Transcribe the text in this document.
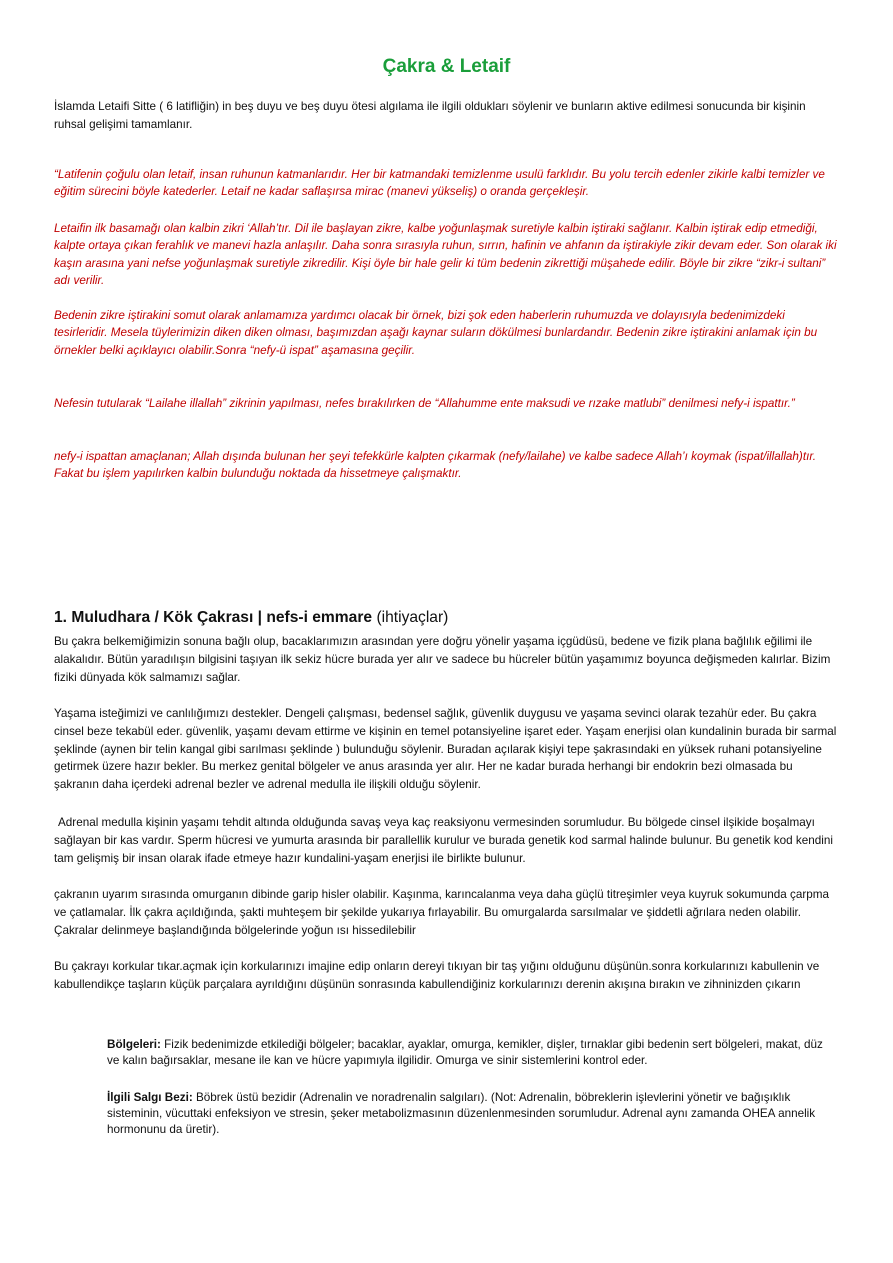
Çakra & Letaif

İslamda Letaifi Sitte ( 6 latifliğin) in beş duyu ve beş duyu ötesi algılama ile ilgili oldukları söylenir ve bunların aktive edilmesi sonucunda bir kişinin ruhsal gelişimi tamamlanır.

“Latifenin çoğulu olan letaif, insan ruhunun katmanlarıdır. Her bir katmandaki temizlenme usulü farklıdır. Bu yolu tercih edenler zikirle kalbi temizler ve eğitim sürecini böyle katederler. Letaif ne kadar saflaşırsa mirac (manevi yükseliş) o oranda gerçekleşir.

Letaifin ilk basamağı olan kalbin zikri ‘Allah’tır. Dil ile başlayan zikre, kalbe yoğunlaşmak suretiyle kalbin iştiraki sağlanır. Kalbin iştirak edip etmediği, kalpte ortaya çıkan ferahlık ve manevi hazla anlaşılır. Daha sonra sırasıyla ruhun, sırrın, hafinin ve ahfanın da iştirakiyle zikir devam eder. Son olarak iki kaşın arasına yani nefse yoğunlaşmak suretiyle zikredilir. Kişi öyle bir hale gelir ki tüm bedenin zikrettiği müşahede edilir. Böyle bir zikre “zikr-i sultani” adı verilir.

Bedenin zikre iştirakini somut olarak anlamamıza yardımcı olacak bir örnek, bizi şok eden haberlerin ruhumuzda ve dolayısıyla bedenimizdeki tesirleridir. Mesela tüylerimizin diken diken olması, başımızdan aşağı kaynar suların dökülmesi bunlardandır. Bedenin zikre iştirakini anlamak için bu örnekler belki açıklayıcı olabilir.Sonra “nefy-ü ispat” aşamasına geçilir.

Nefesin tutularak “Lailahe illallah” zikrinin yapılması, nefes bırakılırken de “Allahumme ente maksudi ve rızake matlubi” denilmesi nefy-i ispattır.”

nefy-i ispattan amaçlanan; Allah dışında bulunan her şeyi tefekkürle kalpten çıkarmak (nefy/lailahe) ve kalbe sadece Allah’ı koymak (ispat/illallah)tır. Fakat bu işlem yapılırken kalbin bulunduğu noktada da hissetmeye çalışmaktır.

1. Muludhara / Kök Çakrası | nefs-i emmare (ihtiyaçlar)

Bu çakra belkemiğimizin sonuna bağlı olup, bacaklarımızın arasından yere doğru yönelir yaşama içgüdüsü, bedene ve fizik plana bağlılık eğilimi ile alakalıdır. Bütün yaradılışın bilgisini taşıyan ilk sekiz hücre burada yer alır ve sadece bu hücreler bütün yaşamımız boyunca değişmeden kalırlar. Bizim fiziki dünyada kök salmamızı sağlar.

Yaşama isteğimizi ve canlılığımızı destekler. Dengeli çalışması, bedensel sağlık, güvenlik duygusu ve yaşama sevinci olarak tezahür eder. Bu çakra cinsel beze tekabül eder. güvenlik, yaşamı devam ettirme ve kişinin en temel potansiyeline işaret eder. Yaşam enerjisi olan kundalinin burada bir sarmal şeklinde (aynen bir telin kangal gibi sarılması şeklinde ) bulunduğu söylenir. Buradan açılarak kişiyi tepe şakrasındaki en yüksek ruhani potansiyeline getirmek üzere hazır bekler. Bu merkez genital bölgeler ve anus arasında yer alır. Her ne kadar burada herhangi bir endokrin bezi olmasada bu şakranın daha içerdeki adrenal bezler ve adrenal medulla ile ilişkili olduğu söylenir.

Adrenal medulla kişinin yaşamı tehdit altında olduğunda savaş veya kaç reaksiyonu vermesinden sorumludur. Bu bölgede cinsel ilşikide boşalmayı sağlayan bir kas vardır. Sperm hücresi ve yumurta arasında bir parallellik kurulur ve burada genetik kod sarmal halinde bulunur. Bu genetik kod kendini tam gelişmiş bir insan olarak ifade etmeye hazır kundalini-yaşam enerjisi ile birlikte bulunur.

çakranın uyarım sırasında omurganın dibinde garip hisler olabilir. Kaşınma, karıncalanma veya daha güçlü titreşimler veya kuyruk sokumunda çarpma ve çatlamalar. İlk çakra açıldığında, şakti muhteşem bir şekilde yukarıya fırlayabilir. Bu omurgalarda sarsılmalar ve şiddetli ağrılara neden olabilir. Çakralar delinmeye başlandığında bölgelerinde yoğun ısı hissedilebilir

Bu çakrayı korkular tıkar.açmak için korkularınızı imajine edip onların dereyi tıkıyan bir taş yığını olduğunu düşünün.sonra korkularınızı kabullenin ve kabullendikçe taşların küçük parçalara ayrıldığını düşünün sonrasında kabullendiğiniz korkularınızı derenin akışına bırakın ve zihninizden çıkarın

Bölgeleri: Fizik bedenimizde etkilediği bölgeler; bacaklar, ayaklar, omurga, kemikler, dişler, tırnaklar gibi bedenin sert bölgeleri, makat, düz ve kalın bağırsaklar, mesane ile kan ve hücre yapımıyla ilgilidir. Omurga ve sinir sistemlerini kontrol eder.

İlgili Salgı Bezi: Böbrek üstü bezidir (Adrenalin ve noradrenalin salgıları). (Not: Adrenalin, böbreklerin işlevlerini yönetir ve bağışıklık sisteminin, vücuttaki enfeksiyon ve stresin, şeker metabolizmasının düzenlenmesinden sorumludur. Adrenal aynı zamanda OHEA annelik hormonunu da üretir).
